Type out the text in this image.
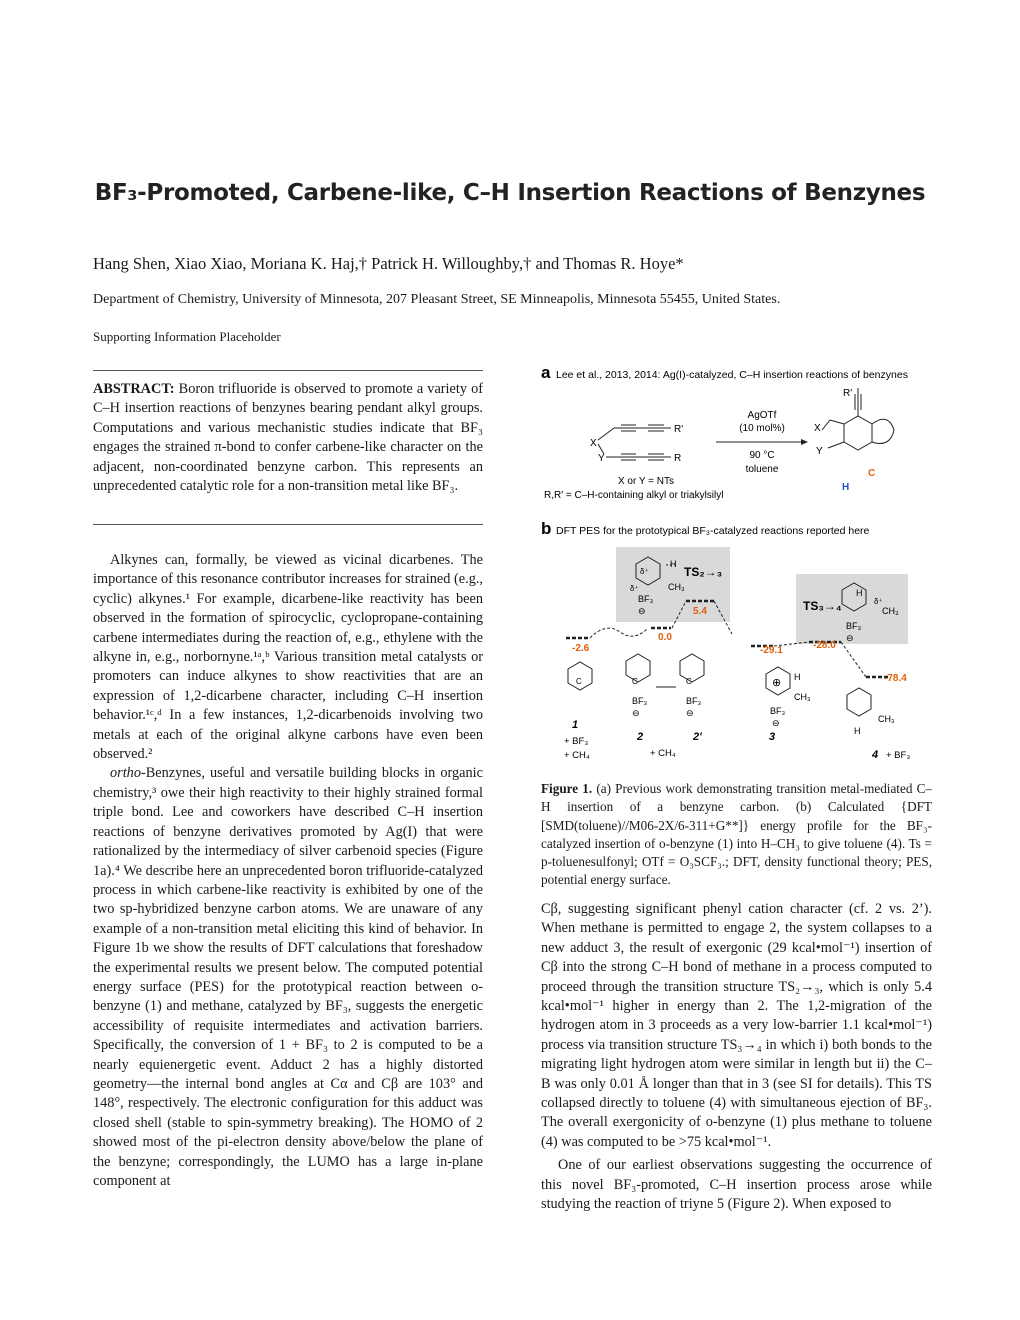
BF₃-Promoted, Carbene-like, C–H Insertion Reactions of Benzynes
Hang Shen, Xiao Xiao, Moriana K. Haj,† Patrick H. Willoughby,† and Thomas R. Hoye*
Department of Chemistry, University of Minnesota, 207 Pleasant Street, SE Minneapolis, Minnesota 55455, United States.
Supporting Information Placeholder
ABSTRACT: Boron trifluoride is observed to promote a variety of C–H insertion reactions of benzynes bearing pendant alkyl groups. Computations and various mechanistic studies indicate that BF₃ engages the strained π-bond to confer carbene-like character on the adjacent, non-coordinated benzyne carbon. This represents an unprecedented catalytic role for a non-transition metal like BF₃.

Alkynes can, formally, be viewed as vicinal dicarbenes. The importance of this resonance contributor increases for strained (e.g., cyclic) alkynes.¹ For example, dicarbene-like reactivity has been observed in the formation of spirocyclic, cyclopropane-containing carbene intermediates during the reaction of, e.g., ethylene with the alkyne in, e.g., norbornyne.¹ᵃ,ᵇ Various transition metal catalysts or promoters can induce alkynes to show reactivities that are an expression of 1,2-dicarbene character, including C–H insertion behavior.¹ᶜ,ᵈ In a few instances, 1,2-dicarbenoids involving two metals at each of the original alkyne carbons have even been observed.²

ortho-Benzynes, useful and versatile building blocks in organic chemistry,³ owe their high reactivity to their highly strained formal triple bond. Lee and coworkers have described C–H insertion reactions of benzyne derivatives promoted by Ag(I) that were rationalized by the intermediacy of silver carbenoid species (Figure 1a).⁴ We describe here an unprecedented boron trifluoride-catalyzed process in which carbene-like reactivity is exhibited by one of the two sp-hybridized benzyne carbon atoms. We are unaware of any example of a non-transition metal eliciting this kind of behavior. In Figure 1b we show the results of DFT calculations that foreshadow the experimental results we present below. The computed potential energy surface (PES) for the prototypical reaction between o-benzyne (1) and methane, catalyzed by BF₃, suggests the energetic accessibility of requisite intermediates and activation barriers. Specifically, the conversion of 1 + BF₃ to 2 is computed to be a nearly equienergetic event. Adduct 2 has a highly distorted geometry—the internal bond angles at Cα and Cβ are 103° and 148°, respectively. The electronic configuration for this adduct was closed shell (stable to spin-symmetry breaking). The HOMO of 2 showed most of the pi-electron density above/below the plane of the benzyne; correspondingly, the LUMO has a large in-plane component at

a Lee et al., 2013, 2014: Ag(I)-catalyzed, C–H insertion reactions of benzynes
X
Y
R'
R
AgOTf
(10 mol%)
90 °C
toluene
X or Y = NTs
R,R' = C–H-containing alkyl or triakylsilyl
X
Y
R'
C
H
b DFT PES for the prototypical BF₃-catalyzed reactions reported here
TS₂→₃
TS₃→₄
δ⁺
H
CH₃
BF₃
⊖
δ⁺	H
δ⁺
CH₃
BF₃
⊖
-2.6
0.0
5.4
-29.1	-28.0
-78.4
C	C	C	⊕ H
CH₃
BF₃
⊖
BF₃
⊖	BF₃
⊖	CH₃
H
1
+ BF₃
+ CH₄
2	2'
+ CH₄
3
4 + BF₃
Figure 1. (a) Previous work demonstrating transition metal-mediated C–H insertion of a benzyne carbon. (b) Calculated {DFT [SMD(toluene)//M06-2X/6-311+G**]} energy profile for the BF₃-catalyzed insertion of o-benzyne (1) into H–CH₃ to give toluene (4). Ts = p-toluenesulfonyl; OTf = O₃SCF₃.; DFT, density functional theory; PES, potential energy surface.

Cβ, suggesting significant phenyl cation character (cf. 2 vs. 2’). When methane is permitted to engage 2, the system collapses to a new adduct 3, the result of exergonic (29 kcal•mol⁻¹) insertion of Cβ into the strong C–H bond of methane in a process computed to proceed through the transition structure TS₂→₃, which is only 5.4 kcal•mol⁻¹ higher in energy than 2. The 1,2-migration of the hydrogen atom in 3 proceeds as a very low-barrier 1.1 kcal•mol⁻¹) process via transition structure TS₃→₄ in which i) both bonds to the migrating light hydrogen atom were similar in length but ii) the C–B was only 0.01 Å longer than that in 3 (see SI for details). This TS collapsed directly to toluene (4) with simultaneous ejection of BF₃. The overall exergonicity of o-benzyne (1) plus methane to toluene (4) was computed to be >75 kcal•mol⁻¹.

One of our earliest observations suggesting the occurrence of this novel BF₃-promoted, C–H insertion process arose while studying the reaction of triyne 5 (Figure 2). When exposed to
